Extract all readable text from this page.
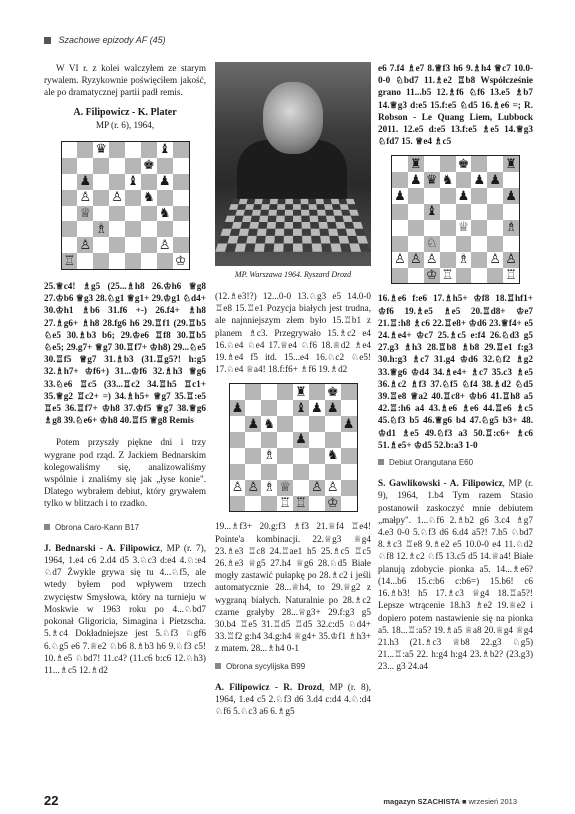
Szachowe epizody AF (45)

W VI r. z kolei walczyłem ze starym rywalem. Ryzykownie poświęciłem jakość, ale po dramatycznej partii padł remis.

A. Filipowicz - K. Plater
MP (r. 6), 1964,
♛	♝
♚
♟	♝ ♟
♙ ♙ ♞
♕	♞
♗
♙	♙
♖	♔

25.♕c4! ♗g5 (25...♗h8 26.♔h6 ♕g8 27.♔b6 ♕g3 28.♘g1 ♕g1+ 29.♔g1 ♘d4+ 30.♔h1 ♗b6 31.f6 +-) 26.f4+ ♗h8 27.♗g6+ ♗h8 28.fg6 h6 29.♖f1 (29.♖b5 ♘e5 30.♗b3 b6; 29.♔e6 ♖f8 30.♖b5 ♘e5; 29.g7+ ♕g7 30.♖f7+ ♔h8) 29...♘e5 30.♖f5 ♕g7 31.♗b3 (31.♖g5?! h:g5 32.♗h7+ ♔f6+) 31...♔f6 32.♗h3 ♕g6 33.♘e6 ♖c5 (33...♖c2 34.♖h5 ♖c1+ 35.♕g2 ♖c2+ =) 34.♗h5+ ♕g7 35.♖:e5 ♖e5 36.♖f7+ ♔h8 37.♔f5 ♕g7 38.♕g6 ♗g8 39.♘e6+ ♔h8 40.♖f5 ♕g8 Remis

Potem przyszły piękne dni i trzy wygrane pod rząd. Z Jackiem Bednarskim kolegowaliśmy się, analizowaliśmy wspólnie i znaliśmy się jak „łyse konie". Dlatego wybrałem debiut, który grywałem tylko w blitzach i to rzadko.

Obrona Caro-Kann B17

J. Bednarski - A. Filipowicz, MP (r. 7), 1964, 1.e4 c6 2.d4 d5 3.♘c3 d:e4 4.♘:e4 ♘d7 Żwykle grywa się tu 4...♘f5, ale wtedy byłem pod wpływem trzech zwycięstw Smysłowa, który na turnieju w Moskwie w 1963 roku po 4...♘bd7 pokonał Gligoricia, Simagina i Pietzscha. 5.♗c4 Dokładniejsze jest 5.♘f3 ♘gf6 6.♘g5 e6 7.♕e2 ♘b6 8.♗b3 h6 9.♘f3 c5! 10.♗e5 ♘bd7! 11.c4? (11.c6 b:c6 12.♘h3) 11...♗c5 12.♗d2

MP. Warszawa 1964. Ryszard Drozd

(12.♗e3!?) 12...0-0 13.♘g3 e5 14.0-0 ♖e8 15.♖e1 Pozycja białych jest trudna, ale najnniejszym złem było 15.♖b1 z planem ♗c3. Przegrywało 15.♗c2 e4 16.♘e4 ♘e4 17.♕e4 ♘f6 18.♕d2 ♗e4 19.♗e4 f5 itd. 15...e4 16.♘c2 ♘e5! 17.♘e4 ♕a4! 18.f:f6+ ♗f6 19.♗d2

♜ ♚
♟	♝ ♟ ♟
♟ ♞	♟
♟
♗	♞
♙ ♙ ♗ ♕ ♙ ♙
♖ ♖ ♔

19...♗f3+ 20.g:f3 ♗f3 21.♕f4 ♖e4! Pointe'a kombinacji. 22.♕g3 ♕g4 23.♗e3 ♖c8 24.♖ae1 h5 25.♗c5 ♖c5 26.♗e3 ♕g5 27.h4 ♕g6 28.♘d5 Białe mogły zastawić pułapkę po 28.♗c2 i jeśli automatycznie 28...♕h4, to 29.♕g2 z wygraną białych. Naturalnie po 28.♗c2 czarne grałyby 28...♕g3+ 29.f:g3 g5 30.b4 ♖e5 31.♖d5 ♖d5 32.c:d5 ♘d4+ 33.♖f2 g:h4 34.g:h4 ♕g4+ 35.♔f1 ♗h3+ z matem. 28...♗h4 0-1

Obrona sycylijska B99

A. Filipowicz - R. Drozd, MP (r. 8), 1964, 1.e4 c5 2.♘f3 d6 3.d4 c:d4 4.♘:d4 ♘f6 5.♘c3 a6 6.♗g5

e6 7.f4 ♗e7 8.♕f3 h6 9.♗h4 ♕c7 10.0-0-0 ♘bd7 11.♗e2 ♖b8 Współcześnie grano 11...b5 12.♗f6 ♘f6 13.e5 ♗b7 14.♕g3 d:e5 15.f:e5 ♘d5 16.♗e6 =; R. Robson - Le Quang Liem, Lubbock 2011. 12.e5 d:e5 13.f:e5 ♗e5 14.♕g3 ♘fd7 15. ♕e4 ♗c5

♜	♚	♜
♟ ♛ ♞ ♟ ♟
♟	♟	♟
♝
♕	♗
♘
♙ ♙ ♙ ♗ ♙ ♙
♔ ♖	♖

16.♗e6 f:e6 17.♗h5+ ♔f8 18.♖hf1+ ♔f6 19.♗e5 ♗e5 20.♖d8+ ♔e7 21.♖:h8 ♗c6 22.♖e8+ ♔d6 23.♕f4+ e5 24.♗e4+ ♔c7 25.♗c5 e:f4 26.♘d3 g5 27.g3 ♗h3 28.♖b8 ♗b8 29.♖e1 f:g3 30.h:g3 ♗c7 31.g4 ♔d6 32.♘f2 ♗g2 33.♕g6 ♔d4 34.♗e4+ ♗c7 35.c3 ♗e5 36.♗c2 ♗f3 37.♘f5 ♘f4 38.♗d2 ♘d5 39.♖e8 ♕a2 40.♖c8+ ♔b6 41.♖h8 a5 42.♖:h6 a4 43.♗e6 ♗e6 44.♖e6 ♗c5 45.♘f3 b5 46.♕g6 b4 47.♘g5 b3+ 48. ♔d1 ♗e5 49.♘f3 a3 50.♖:c6+ ♗c6 51.♗e5+ ♔d5 52.b:a3 1-0

Debiut Orangutana E60

S. Gawlikowski - A. Filipowicz, MP (r. 9), 1964, 1.b4 Tym razem Stasio postanowił zaskoczyć mnie debiutem „małpy". 1...♘f6 2.♗b2 g6 3.c4 ♗g7 4.e3 0-0 5.♘f3 d6 6.d4 a5?! 7.b5 ♘bd7 8.♗c3 ♖e8 9.♗e2 e5 10.0-0 e4 11.♘d2 ♘f8 12.♗c2 ♘f5 13.c5 d5 14.♕a4! Białe planują zdobycie pionka a5. 14...♗e6? (14...b6 15.c:b6 c:b6=) 15.b6! c6 16.♗b3! h5 17.♗c3 ♕g4 18.♖a5?! Lepsze wtrącenie 18.h3 ♗e2 19.♕e2 i dopiero potem nastawienie się na pionka a5. 18...♖:a5? 19.♗a5 ♕a8 20.♕g4 ♕g4 21.h3 (21.♗c3 ♕b8 22.g3 ♘g5) 21...♖:a5 22. h:g4 h:g4 23.♗b2? (23.g3) 23... g3 24.a4

22	magazyn SZACHISTA ■ wrzesień 2013
